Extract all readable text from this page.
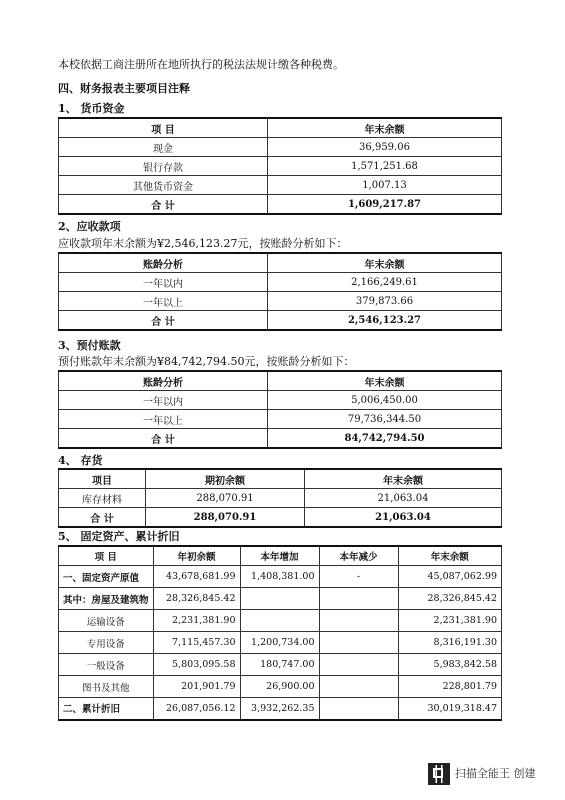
本校依据工商注册所在地所执行的税法法规计缴各种税费。
四、财务报表主要项目注释
1、 货币资金
项 目	年末余额
现金	36,959.06
银行存款	1,571,251.68
其他货币资金	1,007.13
合 计	1,609,217.87
2、应收款项
应收款项年末余额为¥2,546,123.27元，按账龄分析如下：
账龄分析	年末余额
一年以内	2,166,249.61
一年以上	379,873.66
合 计	2,546,123.27
3、预付账款
预付账款年末余额为¥84,742,794.50元，按账龄分析如下：
账龄分析	年末余额
一年以内	5,006,450.00
一年以上	79,736,344.50
合 计	84,742,794.50
4、 存货
项目	期初余额	年末余额
库存材料	288,070.91	21,063.04
合 计	288,070.91	21,063.04
5、 固定资产、累计折旧
项 目	年初余额	本年增加	本年减少	年末余额
一、固定资产原值	43,678,681.99	1,408,381.00	-	45,087,062.99
其中：房屋及建筑物	28,326,845.42			28,326,845.42
运输设备	2,231,381.90			2,231,381.90
专用设备	7,115,457.30	1,200,734.00		8,316,191.30
一般设备	5,803,095.58	180,747.00		5,983,842.58
图书及其他	201,901.79	26,900.00		228,801.79
二、累计折旧	26,087,056.12	3,932,262.35		30,019,318.47
扫描全能王 创建
